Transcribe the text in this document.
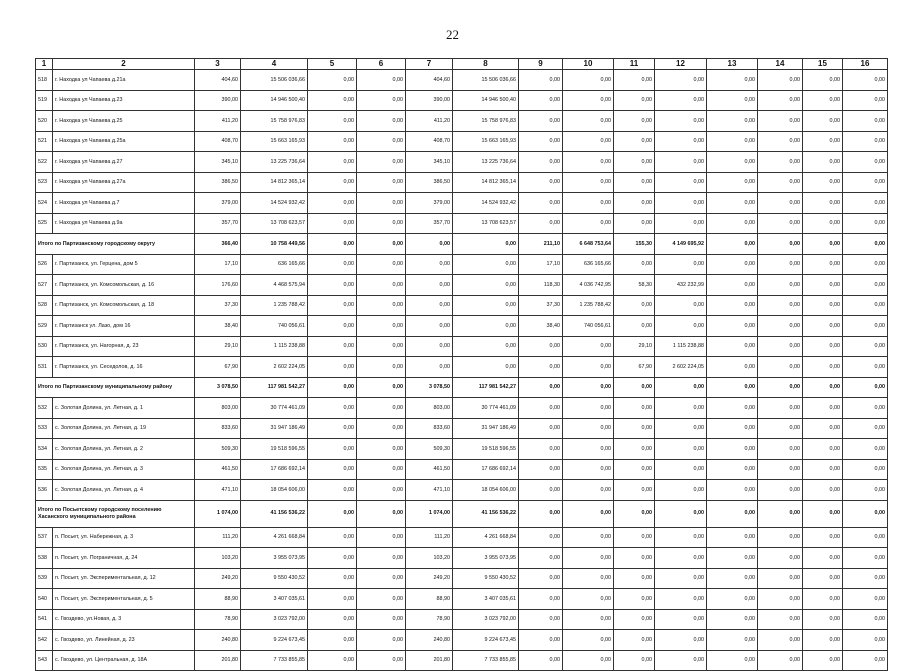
22
1	2	3	4	5	6	7	8	9	10	11	12	13	14	15	16
518	г. Находка ул Чапаева д.21а	404,60	15 506 036,66	0,00	0,00	404,60	15 506 036,66	0,00	0,00	0,00	0,00	0,00	0,00	0,00	0,00
519	г. Находка ул Чапаева д.23	390,00	14 946 500,40	0,00	0,00	390,00	14 946 500,40	0,00	0,00	0,00	0,00	0,00	0,00	0,00	0,00
520	г. Находка ул Чапаева д.25	411,20	15 758 976,83	0,00	0,00	411,20	15 758 976,83	0,00	0,00	0,00	0,00	0,00	0,00	0,00	0,00
521	г. Находка ул Чапаева д.25а	408,70	15 663 165,93	0,00	0,00	408,70	15 663 165,93	0,00	0,00	0,00	0,00	0,00	0,00	0,00	0,00
522	г. Находка ул Чапаева д.27	345,10	13 225 736,64	0,00	0,00	345,10	13 225 736,64	0,00	0,00	0,00	0,00	0,00	0,00	0,00	0,00
523	г. Находка ул Чапаева д.27а	386,50	14 812 365,14	0,00	0,00	386,50	14 812 365,14	0,00	0,00	0,00	0,00	0,00	0,00	0,00	0,00
524	г. Находка ул Чапаева д.7	379,00	14 524 932,42	0,00	0,00	379,00	14 524 932,42	0,00	0,00	0,00	0,00	0,00	0,00	0,00	0,00
525	г. Находка ул Чапаева д.9а	357,70	13 708 623,57	0,00	0,00	357,70	13 708 623,57	0,00	0,00	0,00	0,00	0,00	0,00	0,00	0,00
Итого по Партизанскому городскому округу		366,40	10 758 449,56	0,00	0,00	0,00	0,00	211,10	6 648 753,64	155,30	4 149 695,92	0,00	0,00	0,00	0,00
526	г. Партизанск, ул. Герцена, дом 5	17,10	636 165,66	0,00	0,00	0,00	0,00	17,10	636 165,66	0,00	0,00	0,00	0,00	0,00	0,00
527	г. Партизанск, ул. Комсомольская, д. 16	176,60	4 468 575,94	0,00	0,00	0,00	0,00	118,30	4 036 742,95	58,30	432 232,99	0,00	0,00	0,00	0,00
528	г. Партизанск, ул. Комсомольская, д. 18	37,30	1 235 788,42	0,00	0,00	0,00	0,00	37,30	1 235 788,42	0,00	0,00	0,00	0,00	0,00	0,00
529	г. Партизанск ул. Лазо, дом 16	38,40	740 056,61	0,00	0,00	0,00	0,00	38,40	740 056,61	0,00	0,00	0,00	0,00	0,00	0,00
530	г. Партизанск, ул. Нагорная, д. 23	29,10	1 115 238,88	0,00	0,00	0,00	0,00	0,00	0,00	29,10	1 115 238,88	0,00	0,00	0,00	0,00
531	г. Партизанск, ул. Сеседолов, д. 16	67,90	2 602 224,05	0,00	0,00	0,00	0,00	0,00	0,00	67,90	2 602 224,05	0,00	0,00	0,00	0,00
Итого по Партизанскому муниципальному району		3 078,50	117 981 542,27	0,00	0,00	3 078,50	117 981 542,27	0,00	0,00	0,00	0,00	0,00	0,00	0,00	0,00
532	с. Золотая Долина, ул. Летная, д. 1	803,00	30 774 461,09	0,00	0,00	803,00	30 774 461,09	0,00	0,00	0,00	0,00	0,00	0,00	0,00	0,00
533	с. Золотая Долина, ул. Летная, д. 19	833,60	31 947 186,49	0,00	0,00	833,60	31 947 186,49	0,00	0,00	0,00	0,00	0,00	0,00	0,00	0,00
534	с. Золотая Долина, ул. Летная, д. 2	509,30	19 518 596,55	0,00	0,00	509,30	19 518 596,55	0,00	0,00	0,00	0,00	0,00	0,00	0,00	0,00
535	с. Золотая Долина, ул. Летная, д. 3	461,50	17 686 692,14	0,00	0,00	461,50	17 686 692,14	0,00	0,00	0,00	0,00	0,00	0,00	0,00	0,00
536	с. Золотая Долина, ул. Летная, д. 4	471,10	18 054 606,00	0,00	0,00	471,10	18 054 606,00	0,00	0,00	0,00	0,00	0,00	0,00	0,00	0,00
Итого по Посьетскому городскому поселению Хасанского муниципального района		1 074,00	41 156 536,22	0,00	0,00	1 074,00	41 156 536,22	0,00	0,00	0,00	0,00	0,00	0,00	0,00	0,00
537	п. Посьет, ул. Набережная, д. 3	111,20	4 261 668,84	0,00	0,00	111,20	4 261 668,84	0,00	0,00	0,00	0,00	0,00	0,00	0,00	0,00
538	п. Посьет, ул. Пограничная, д. 24	103,20	3 955 073,95	0,00	0,00	103,20	3 955 073,95	0,00	0,00	0,00	0,00	0,00	0,00	0,00	0,00
539	п. Посьет, ул. Экспериментальная, д. 12	249,20	9 550 430,52	0,00	0,00	249,20	9 550 430,52	0,00	0,00	0,00	0,00	0,00	0,00	0,00	0,00
540	п. Посьет, ул. Экспериментальная, д. 5	88,90	3 407 035,61	0,00	0,00	88,90	3 407 035,61	0,00	0,00	0,00	0,00	0,00	0,00	0,00	0,00
541	с. Гвоздево, ул.Новая, д. 3	78,90	3 023 792,00	0,00	0,00	78,90	3 023 792,00	0,00	0,00	0,00	0,00	0,00	0,00	0,00	0,00
542	с. Гвоздево, ул. Линейная, д. 23	240,80	9 224 673,45	0,00	0,00	240,80	9 224 673,45	0,00	0,00	0,00	0,00	0,00	0,00	0,00	0,00
543	с. Гвоздево, ул. Центральная, д. 18А	201,80	7 733 855,85	0,00	0,00	201,80	7 733 855,85	0,00	0,00	0,00	0,00	0,00	0,00	0,00	0,00
